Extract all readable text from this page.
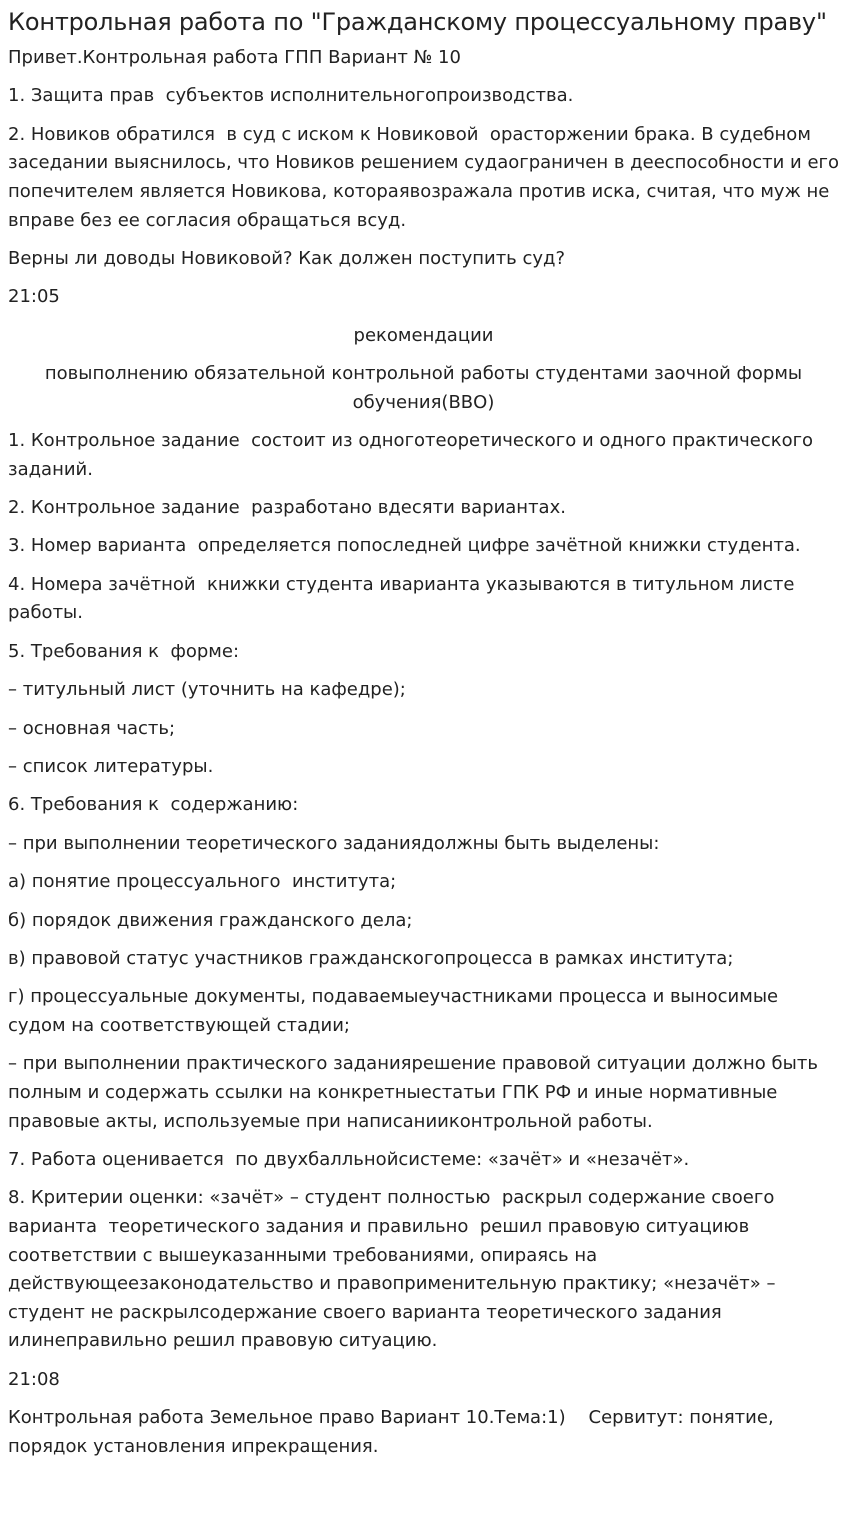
Контрольная работа по "Гражданскому процессуальному праву"

Привет.Контрольная работа ГПП Вариант № 10

1. Защита прав  субъектов исполнительногопроизводства.

2. Новиков обратился  в суд с иском к Новиковой  орасторжении брака. В судебном заседании выяснилось, что Новиков решением судаограничен в дееспособности и его попечителем является Новикова, котораявозражала против иска, считая, что муж не вправе без ее согласия обращаться всуд.

Верны ли доводы Новиковой? Как должен поступить суд?

21:05

рекомендации

повыполнению обязательной контрольной работы студентами заочной формы обучения(ВВО)

1. Контрольное задание  состоит из одноготеоретического и одного практического заданий.

2. Контрольное задание  разработано вдесяти вариантах.

3. Номер варианта  определяется попоследней цифре зачётной книжки студента.

4. Номера зачётной  книжки студента иварианта указываются в титульном листе работы.

5. Требования к  форме:

– титульный лист (уточнить на кафедре);

– основная часть;

– список литературы.

6. Требования к  содержанию:

– при выполнении теоретического заданиядолжны быть выделены:

а) понятие процессуального  института;

б) порядок движения гражданского дела;

в) правовой статус участников гражданскогопроцесса в рамках института;

г) процессуальные документы, подаваемыеучастниками процесса и выносимые судом на соответствующей стадии;

– при выполнении практического заданиярешение правовой ситуации должно быть полным и содержать ссылки на конкретныестатьи ГПК РФ и иные нормативные правовые акты, используемые при написанииконтрольной работы.

7. Работа оценивается  по двухбалльнойсистеме: «зачёт» и «незачёт».

8. Критерии оценки: «зачёт» – студент полностью  раскрыл содержание своего варианта  теоретического задания и правильно  решил правовую ситуациюв соответствии с вышеуказанными требованиями, опираясь на действующеезаконодательство и правоприменительную практику; «незачёт» – студент не раскрылсодержание своего варианта теоретического задания илинеправильно решил правовую ситуацию.

21:08

Контрольная работа Земельное право Вариант 10.Тема:1)    Сервитут: понятие, порядок установления ипрекращения.
